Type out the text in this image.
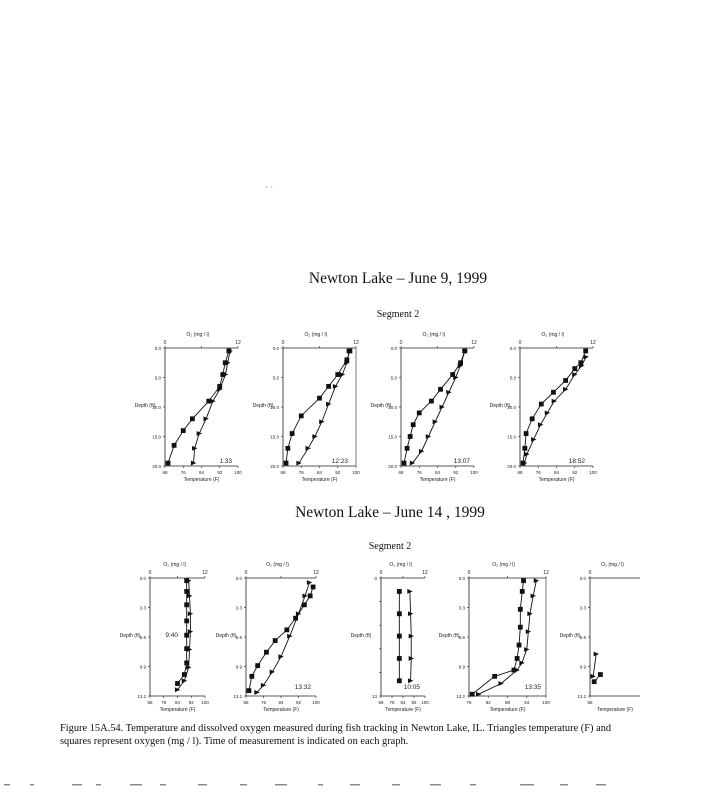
· ·
Newton Lake – June 9, 1999
Segment 2
Newton Lake – June 14 , 1999
Segment 2
0	12
O₂ (mg / l)
68	76	84	92	100
Temperature (F)
0.0
5.0
10.0
15.0
20.0
Depth (ft)
1:33
0	12
O₂ (mg / l)
68	76	84	92	100
Temperature (F)
0.0
5.0
10.0
15.0
20.0
Depth (ft)
12:23
0	12
O₂ (mg / l)
68	76	84	92	100
Temperature (F)
0.0
5.0
10.0
15.0
20.0
Depth (ft)
13:07
0	12
O₂ (mg / l)
68	76	84	92	100
Temperature (F)
0.0
5.0
10.0
15.0
20.0
Depth (ft)
18:52
0	12
O₂ (mg / l)
68 76 84 92 100
Temperature (F)
0.0
3.3
6.6
9.9
13.2
Depth (ft)	9:40
0	12
O₂ (mg / l)
68	76	84	92 100
Temperature (F)
0.0
3.3
6.6
9.9
13.2
Depth (ft)
13:32
0	12
O₂ (mg / l)
68 76 84 92 100
Temperature (F)
0
13
Depth (ft)
10:05
0	12
O₂ (mg / l)
76	82	88	94	100
Temperature (F)
0.0
3.3
6.6
9.9
13.2
Depth (ft)
13:35
0
O₂ (mg / l)
68
Temperature (F)
0.0
3.3
6.6
9.9
13.2
Depth (ft)
Figure 15A.54. Temperature and dissolved oxygen measured during fish tracking in Newton Lake, IL. Triangles temperature (F) and squares represent oxygen (mg / l). Time of measurement is indicated on each graph.
